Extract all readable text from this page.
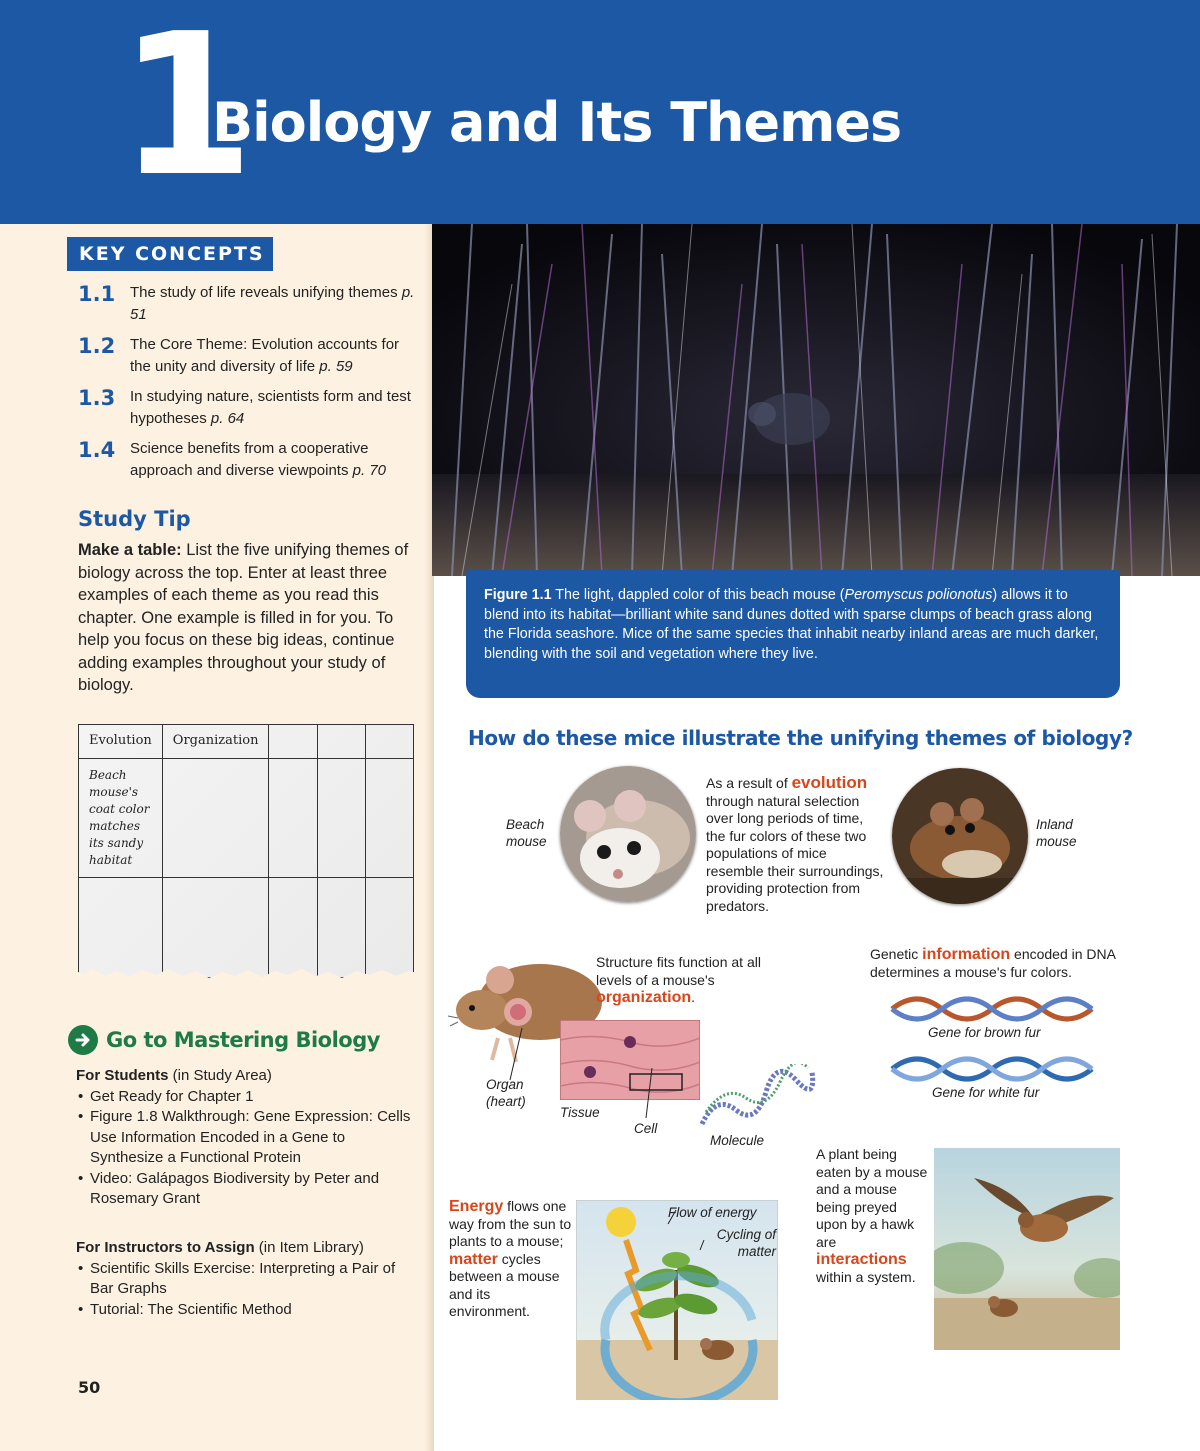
1
Biology and Its Themes
KEY CONCEPTS
1.1 The study of life reveals unifying themes p. 51
1.2 The Core Theme: Evolution accounts for the unity and diversity of life p. 59
1.3 In studying nature, scientists form and test hypotheses p. 64
1.4 Science benefits from a cooperative approach and diverse viewpoints p. 70
Study Tip
Make a table: List the five unifying themes of biology across the top. Enter at least three examples of each theme as you read this chapter. One example is filled in for you. To help you focus on these big ideas, continue adding examples throughout your study of biology.
Evolution	Organization			
Beach mouse's coat color matches its sandy habitat				

Go to Mastering Biology
For Students (in Study Area)
• Get Ready for Chapter 1
• Figure 1.8 Walkthrough: Gene Expression: Cells Use Information Encoded in a Gene to Synthesize a Functional Protein
• Video: Galápagos Biodiversity by Peter and Rosemary Grant
For Instructors to Assign (in Item Library)
• Scientific Skills Exercise: Interpreting a Pair of Bar Graphs
• Tutorial: The Scientific Method
50
Figure 1.1 The light, dappled color of this beach mouse (Peromyscus polionotus) allows it to blend into its habitat—brilliant white sand dunes dotted with sparse clumps of beach grass along the Florida seashore. Mice of the same species that inhabit nearby inland areas are much darker, blending with the soil and vegetation where they live.
How do these mice illustrate the unifying themes of biology?
Beach mouse
As a result of evolution through natural selection over long periods of time, the fur colors of these two populations of mice resemble their surroundings, providing protection from predators.
Inland mouse
Structure fits function at all levels of a mouse's organization.
Organ (heart)
Tissue
Cell
Molecule
Genetic information encoded in DNA determines a mouse's fur colors.
Gene for brown fur
Gene for white fur
Energy flows one way from the sun to plants to a mouse; matter cycles between a mouse and its environment.
Flow of energy
Cycling of matter
A plant being eaten by a mouse and a mouse being preyed upon by a hawk are interactions within a system.
